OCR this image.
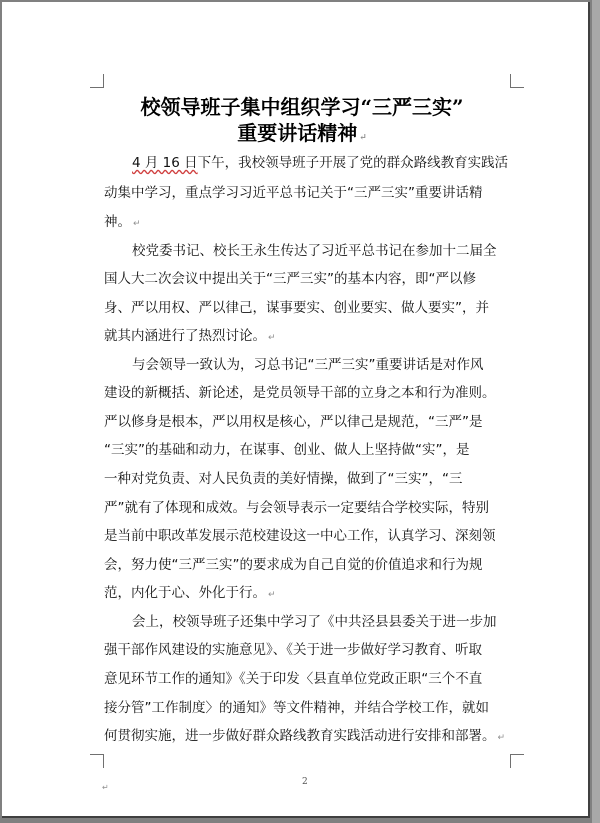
校领导班子集中组织学习“三严三实”
重要讲话精神 ↵
4 月 16 日下午，我校领导班子开展了党的群众路线教育实践活
动集中学习，重点学习习近平总书记关于“三严三实”重要讲话精
神。 ↵
校党委书记、校长王永生传达了习近平总书记在参加十二届全
国人大二次会议中提出关于“三严三实”的基本内容，即“严以修
身、严以用权、严以律己，谋事要实、创业要实、做人要实”，并
就其内涵进行了热烈讨论。 ↵
与会领导一致认为，习总书记“三严三实”重要讲话是对作风
建设的新概括、新论述，是党员领导干部的立身之本和行为准则。
严以修身是根本，严以用权是核心，严以律己是规范，“三严”是
“三实”的基础和动力，在谋事、创业、做人上坚持做“实”，是
一种对党负责、对人民负责的美好情操，做到了“三实”，“三
严”就有了体现和成效。与会领导表示一定要结合学校实际，特别
是当前中职改革发展示范校建设这一中心工作，认真学习、深刻领
会，努力使“三严三实”的要求成为自己自觉的价值追求和行为规
范，内化于心、外化于行。 ↵
会上，校领导班子还集中学习了《中共泾县县委关于进一步加
强干部作风建设的实施意见》、《关于进一步做好学习教育、听取
意见环节工作的通知》《关于印发〈县直单位党政正职“三个不直
接分管”工作制度〉的通知》等文件精神，并结合学校工作，就如
何贯彻实施，进一步做好群众路线教育实践活动进行安排和部署。 ↵
2
↵
